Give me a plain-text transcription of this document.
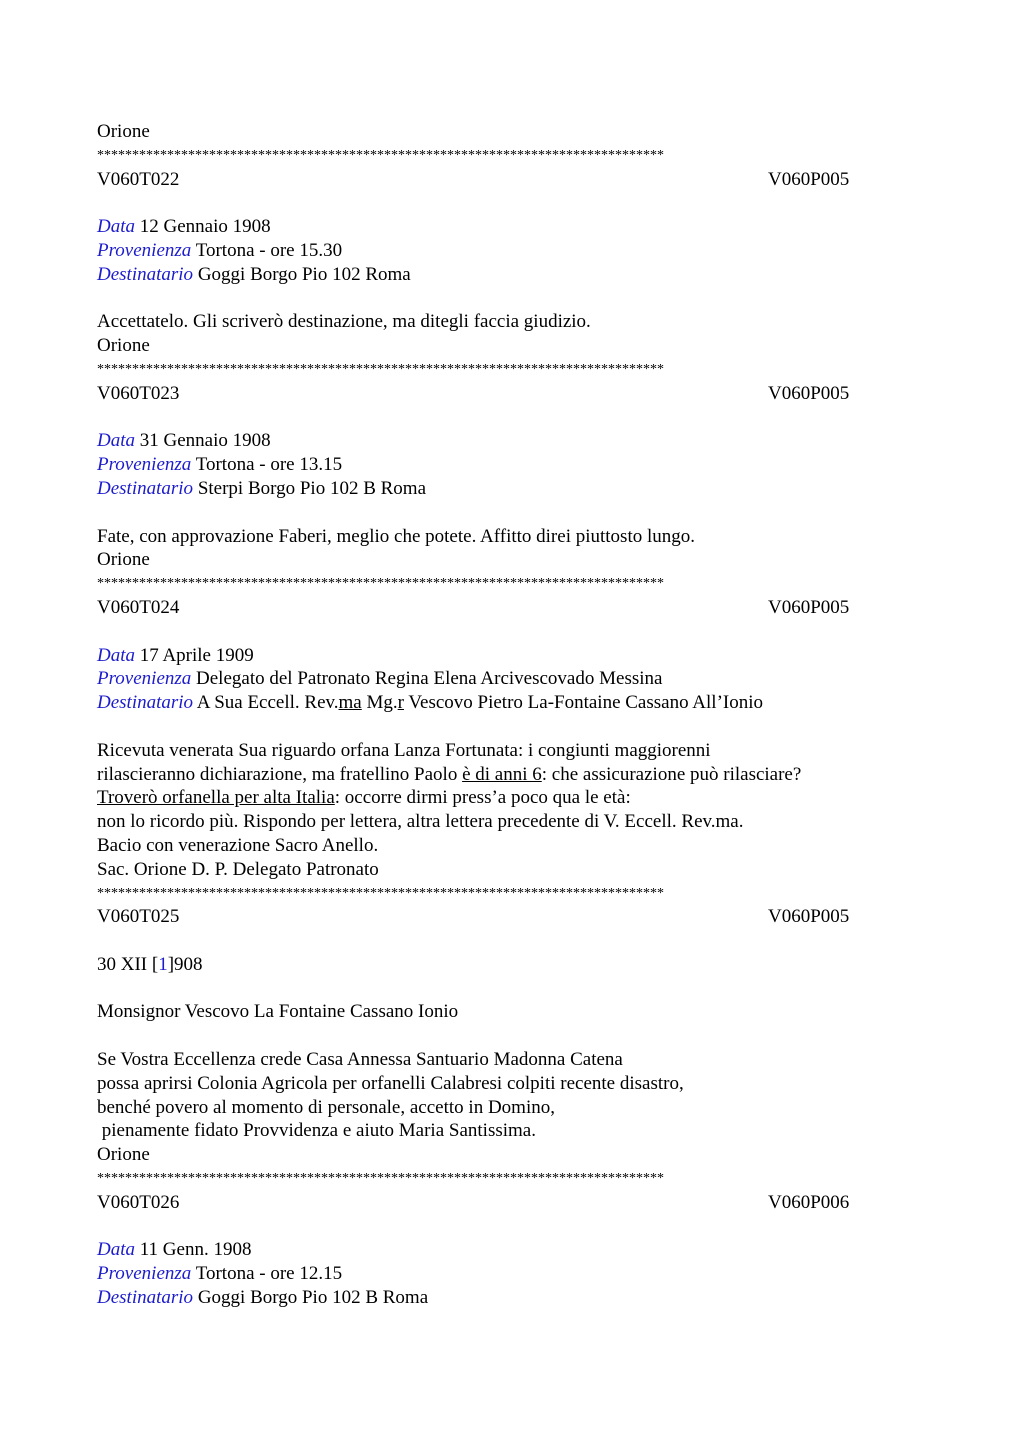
Orione
*********************************************************************************
V060T022	V060P005
Data 12 Gennaio 1908
Provenienza Tortona - ore 15.30
Destinatario Goggi Borgo Pio 102 Roma
Accettatelo. Gli scriverò destinazione, ma ditegli faccia giudizio.
Orione
*********************************************************************************
V060T023	V060P005
Data 31 Gennaio 1908
Provenienza Tortona - ore 13.15
Destinatario Sterpi Borgo Pio 102 B Roma
Fate, con approvazione Faberi, meglio che potete. Affitto direi piuttosto lungo.
Orione
*********************************************************************************
V060T024	V060P005
Data 17 Aprile 1909
Provenienza Delegato del Patronato Regina Elena Arcivescovado Messina
Destinatario A Sua Eccell. Rev.ma Mg.r Vescovo Pietro La-Fontaine Cassano All’Ionio
Ricevuta venerata Sua riguardo orfana Lanza Fortunata: i congiunti maggiorenni
rilascieranno dichiarazione, ma fratellino Paolo è di anni 6: che assicurazione può rilasciare?
Troverò orfanella per alta Italia: occorre dirmi press’a poco qua le età:
non lo ricordo più. Rispondo per lettera, altra lettera precedente di V. Eccell. Rev.ma.
Bacio con venerazione Sacro Anello.
Sac. Orione D. P. Delegato Patronato
*********************************************************************************
V060T025	V060P005
30 XII [1]908
Monsignor Vescovo La Fontaine Cassano Ionio
Se Vostra Eccellenza crede Casa Annessa Santuario Madonna Catena
possa aprirsi Colonia Agricola per orfanelli Calabresi colpiti recente disastro,
benché povero al momento di personale, accetto in Domino,
pienamente fidato Provvidenza e aiuto Maria Santissima.
Orione
*********************************************************************************
V060T026	V060P006
Data 11 Genn. 1908
Provenienza Tortona - ore 12.15
Destinatario Goggi Borgo Pio 102 B Roma
